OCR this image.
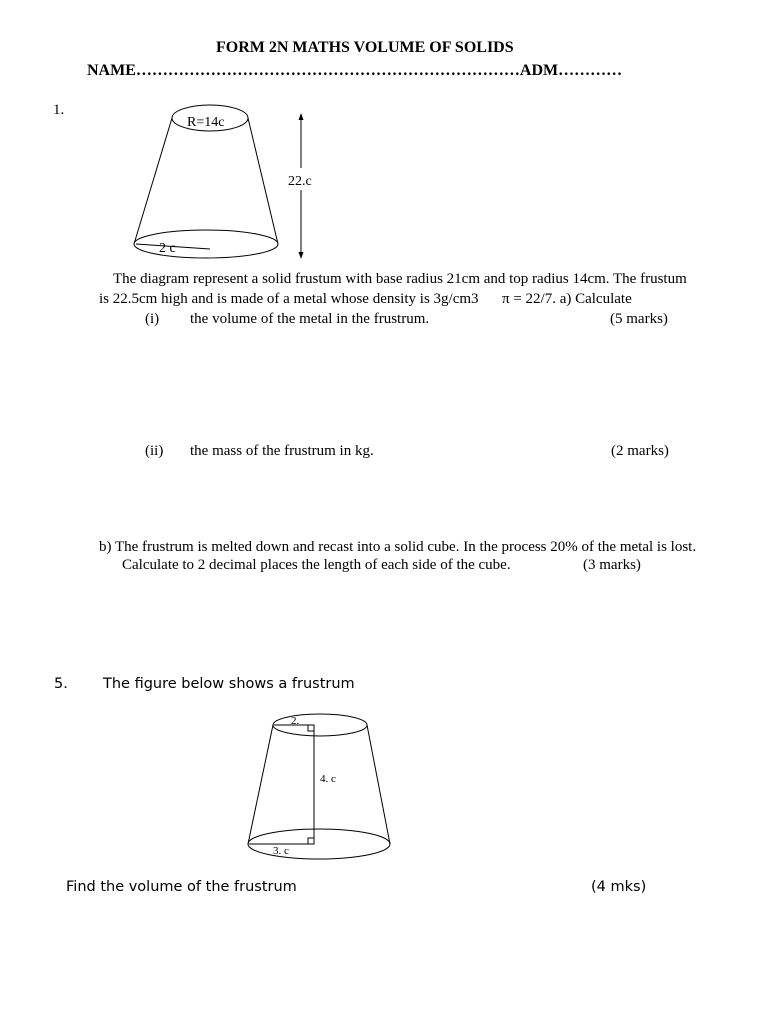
FORM 2N MATHS VOLUME OF SOLIDS
NAME………………………………………………………………ADM…………
1.
R=14c
22.c
2 c
The diagram represent a solid frustum with base radius 21cm and top radius 14cm. The frustum
is 22.5cm high and is made of a metal whose density is 3g/cm3 π = 22/7. a) Calculate
(i) the volume of the metal in the frustrum.	(5 marks)
(ii) the mass of the frustrum in kg.	(2 marks)
b) The frustrum is melted down and recast into a solid cube. In the process 20% of the metal is lost.
Calculate to 2 decimal places the length of each side of the cube.	(3 marks)
5. The figure below shows a frustrum
2.
4. c
3. c
Find the volume of the frustrum	(4 mks)
